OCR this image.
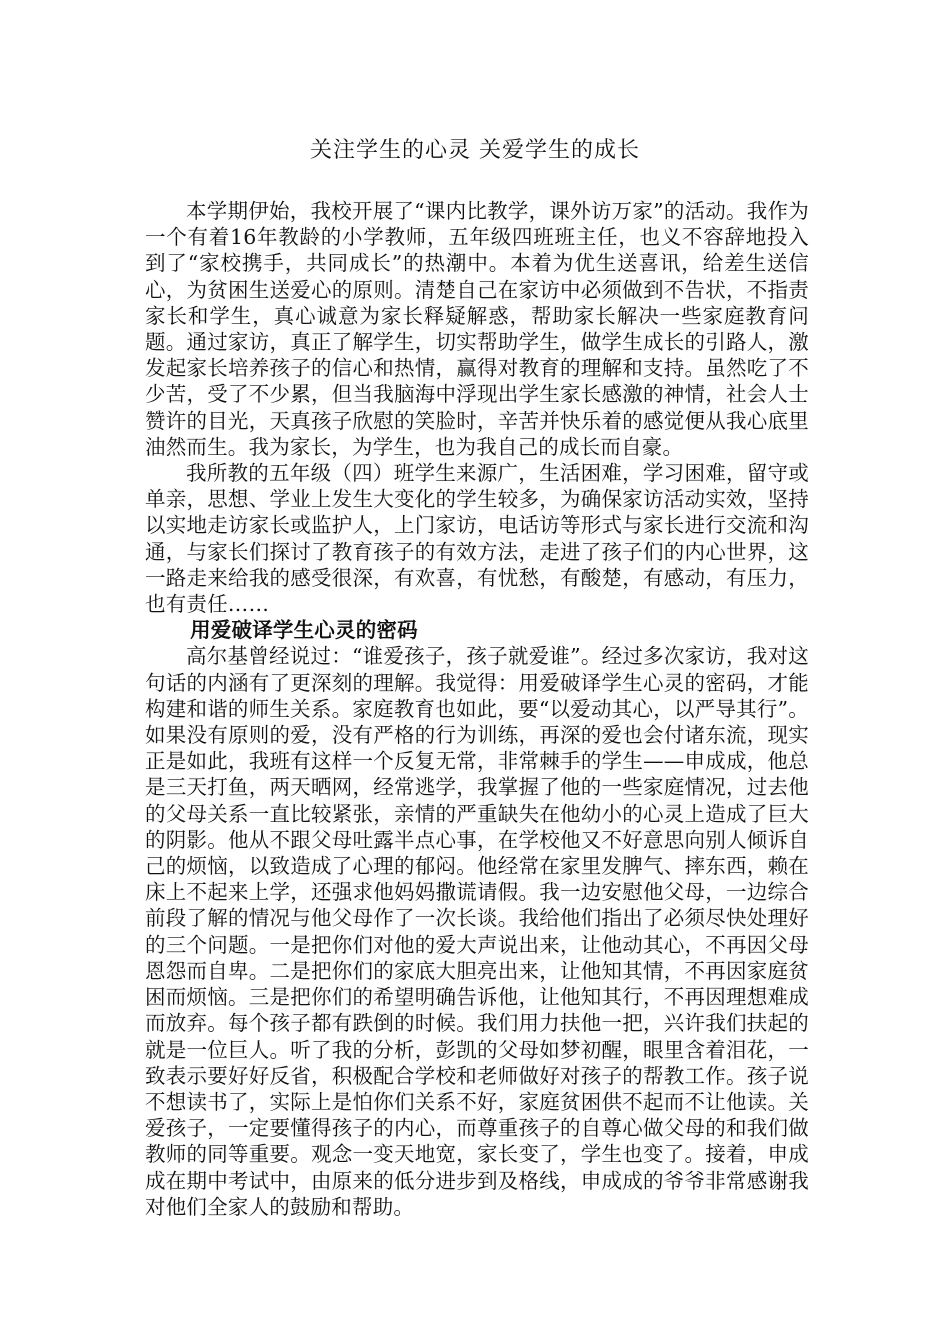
关注学生的心灵 关爱学生的成长

本学期伊始，我校开展了“课内比教学，课外访万家”的活动。我作为一个有着16年教龄的小学教师，五年级四班班主任，也义不容辞地投入到了“家校携手，共同成长”的热潮中。本着为优生送喜讯，给差生送信心，为贫困生送爱心的原则。清楚自己在家访中必须做到不告状，不指责家长和学生，真心诚意为家长释疑解惑，帮助家长解决一些家庭教育问题。通过家访，真正了解学生，切实帮助学生，做学生成长的引路人，激发起家长培养孩子的信心和热情，赢得对教育的理解和支持。虽然吃了不少苦，受了不少累，但当我脑海中浮现出学生家长感激的神情，社会人士赞许的目光，天真孩子欣慰的笑脸时，辛苦并快乐着的感觉便从我心底里油然而生。我为家长，为学生，也为我自己的成长而自豪。

我所教的五年级（四）班学生来源广，生活困难，学习困难，留守或单亲，思想、学业上发生大变化的学生较多，为确保家访活动实效，坚持以实地走访家长或监护人，上门家访，电话访等形式与家长进行交流和沟通，与家长们探讨了教育孩子的有效方法，走进了孩子们的内心世界，这一路走来给我的感受很深，有欢喜，有忧愁，有酸楚，有感动，有压力，也有责任……

用爱破译学生心灵的密码

高尔基曾经说过：“谁爱孩子，孩子就爱谁”。经过多次家访，我对这句话的内涵有了更深刻的理解。我觉得：用爱破译学生心灵的密码，才能构建和谐的师生关系。家庭教育也如此，要“以爱动其心，以严导其行”。如果没有原则的爱，没有严格的行为训练，再深的爱也会付诸东流，现实正是如此，我班有这样一个反复无常，非常棘手的学生——申成成，他总是三天打鱼，两天晒网，经常逃学，我掌握了他的一些家庭情况，过去他的父母关系一直比较紧张，亲情的严重缺失在他幼小的心灵上造成了巨大的阴影。他从不跟父母吐露半点心事，在学校他又不好意思向别人倾诉自己的烦恼，以致造成了心理的郁闷。他经常在家里发脾气、摔东西，赖在床上不起来上学，还强求他妈妈撒谎请假。我一边安慰他父母，一边综合前段了解的情况与他父母作了一次长谈。我给他们指出了必须尽快处理好的三个问题。一是把你们对他的爱大声说出来，让他动其心，不再因父母恩怨而自卑。二是把你们的家底大胆亮出来，让他知其情，不再因家庭贫困而烦恼。三是把你们的希望明确告诉他，让他知其行，不再因理想难成而放弃。每个孩子都有跌倒的时候。我们用力扶他一把，兴许我们扶起的就是一位巨人。听了我的分析，彭凯的父母如梦初醒，眼里含着泪花，一致表示要好好反省，积极配合学校和老师做好对孩子的帮教工作。孩子说不想读书了，实际上是怕你们关系不好，家庭贫困供不起而不让他读。关爱孩子，一定要懂得孩子的内心，而尊重孩子的自尊心做父母的和我们做教师的同等重要。观念一变天地宽，家长变了，学生也变了。接着，申成成在期中考试中，由原来的低分进步到及格线，申成成的爷爷非常感谢我对他们全家人的鼓励和帮助。
